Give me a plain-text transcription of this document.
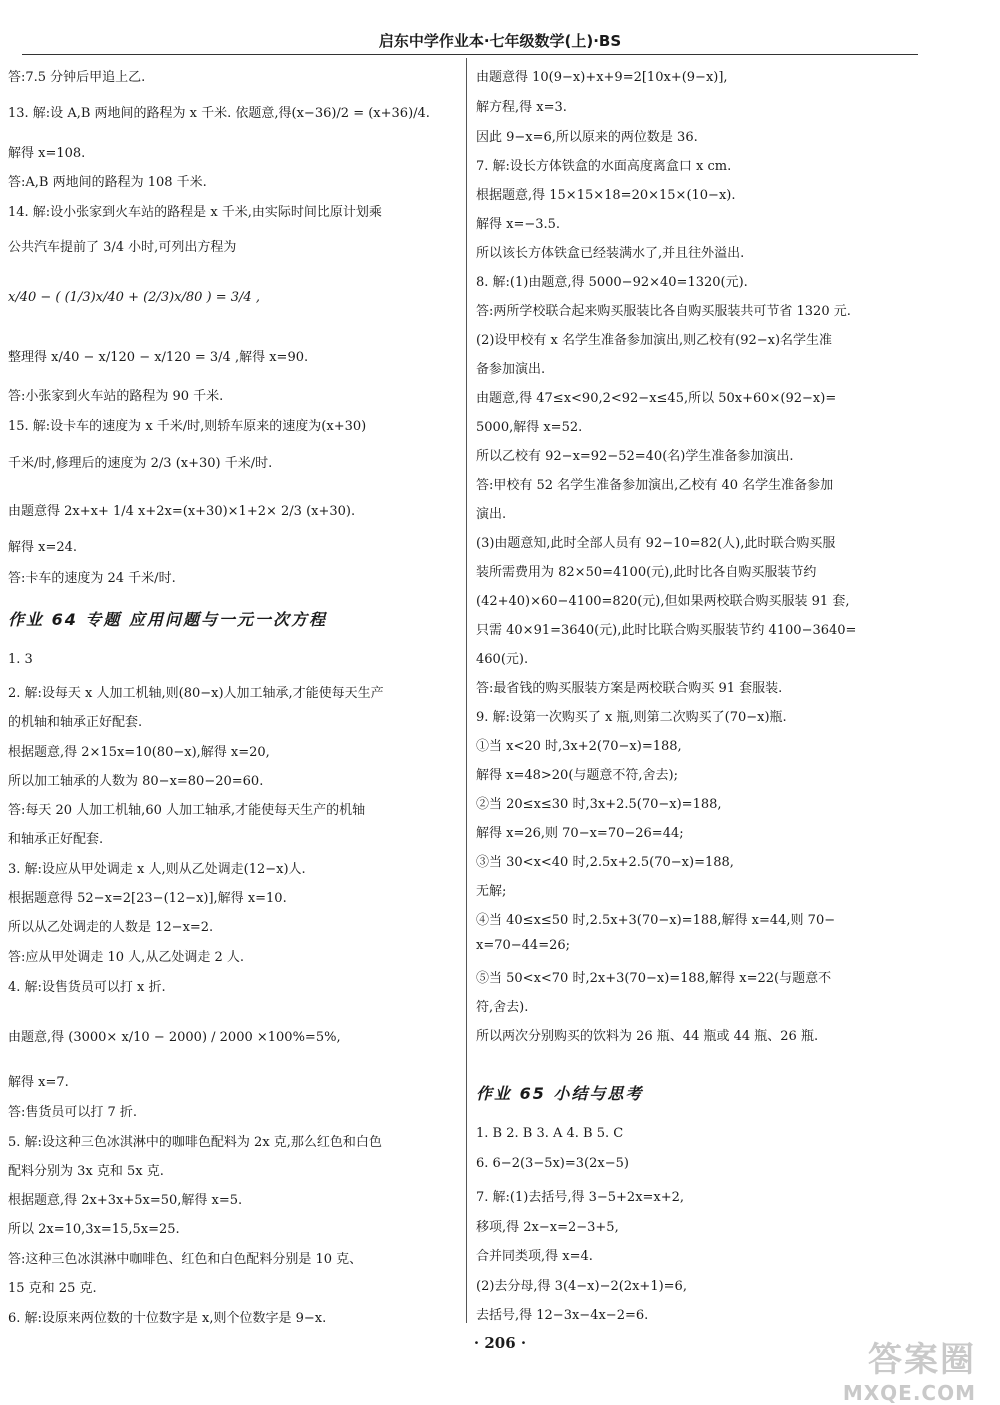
启东中学作业本·七年级数学(上)·BS
答:7.5 分钟后甲追上乙.
13. 解:设 A,B 两地间的路程为 x 千米. 依题意,得(x−36)/2 = (x+36)/4.
解得 x=108.
答:A,B 两地间的路程为 108 千米.
14. 解:设小张家到火车站的路程是 x 千米,由实际时间比原计划乘
公共汽车提前了 3/4 小时,可列出方程为
x/40 − ( (1/3)x/40 + (2/3)x/80 ) = 3/4 ,
整理得 x/40 − x/120 − x/120 = 3/4 ,解得 x=90.
答:小张家到火车站的路程为 90 千米.
15. 解:设卡车的速度为 x 千米/时,则轿车原来的速度为(x+30)
千米/时,修理后的速度为 2/3 (x+30) 千米/时.
由题意得 2x+x+ 1/4 x+2x=(x+30)×1+2× 2/3 (x+30).
解得 x=24.
答:卡车的速度为 24 千米/时.
作业 64 专题 应用问题与一元一次方程
1. 3
2. 解:设每天 x 人加工机轴,则(80−x)人加工轴承,才能使每天生产
的机轴和轴承正好配套.
根据题意,得 2×15x=10(80−x),解得 x=20,
所以加工轴承的人数为 80−x=80−20=60.
答:每天 20 人加工机轴,60 人加工轴承,才能使每天生产的机轴
和轴承正好配套.
3. 解:设应从甲处调走 x 人,则从乙处调走(12−x)人.
根据题意得 52−x=2[23−(12−x)],解得 x=10.
所以从乙处调走的人数是 12−x=2.
答:应从甲处调走 10 人,从乙处调走 2 人.
4. 解:设售货员可以打 x 折.
由题意,得 (3000× x/10 − 2000) / 2000 ×100%=5%,
解得 x=7.
答:售货员可以打 7 折.
5. 解:设这种三色冰淇淋中的咖啡色配料为 2x 克,那么红色和白色
配料分别为 3x 克和 5x 克.
根据题意,得 2x+3x+5x=50,解得 x=5.
所以 2x=10,3x=15,5x=25.
答:这种三色冰淇淋中咖啡色、红色和白色配料分别是 10 克、
15 克和 25 克.
6. 解:设原来两位数的十位数字是 x,则个位数字是 9−x.
由题意得 10(9−x)+x+9=2[10x+(9−x)],
解方程,得 x=3.
因此 9−x=6,所以原来的两位数是 36.
7. 解:设长方体铁盒的水面高度离盒口 x cm.
根据题意,得 15×15×18=20×15×(10−x).
解得 x=−3.5.
所以该长方体铁盒已经装满水了,并且往外溢出.
8. 解:(1)由题意,得 5000−92×40=1320(元).
答:两所学校联合起来购买服装比各自购买服装共可节省 1320 元.
(2)设甲校有 x 名学生准备参加演出,则乙校有(92−x)名学生准
备参加演出.
由题意,得 47≤x<90,2<92−x≤45,所以 50x+60×(92−x)=
5000,解得 x=52.
所以乙校有 92−x=92−52=40(名)学生准备参加演出.
答:甲校有 52 名学生准备参加演出,乙校有 40 名学生准备参加
演出.
(3)由题意知,此时全部人员有 92−10=82(人),此时联合购买服
装所需费用为 82×50=4100(元),此时比各自购买服装节约
(42+40)×60−4100=820(元),但如果两校联合购买服装 91 套,
只需 40×91=3640(元),此时比联合购买服装节约 4100−3640=
460(元).
答:最省钱的购买服装方案是两校联合购买 91 套服装.
9. 解:设第一次购买了 x 瓶,则第二次购买了(70−x)瓶.
①当 x<20 时,3x+2(70−x)=188,
解得 x=48>20(与题意不符,舍去);
②当 20≤x≤30 时,3x+2.5(70−x)=188,
解得 x=26,则 70−x=70−26=44;
③当 30<x<40 时,2.5x+2.5(70−x)=188,
无解;
④当 40≤x≤50 时,2.5x+3(70−x)=188,解得 x=44,则 70−
x=70−44=26;
⑤当 50<x<70 时,2x+3(70−x)=188,解得 x=22(与题意不
符,舍去).
所以两次分别购买的饮料为 26 瓶、44 瓶或 44 瓶、26 瓶.
作业 65 小结与思考
1. B 2. B 3. A 4. B 5. C
6. 6−2(3−5x)=3(2x−5)
7. 解:(1)去括号,得 3−5+2x=x+2,
移项,得 2x−x=2−3+5,
合并同类项,得 x=4.
(2)去分母,得 3(4−x)−2(2x+1)=6,
去括号,得 12−3x−4x−2=6.
· 206 ·	答案圈
MXQE.COM
